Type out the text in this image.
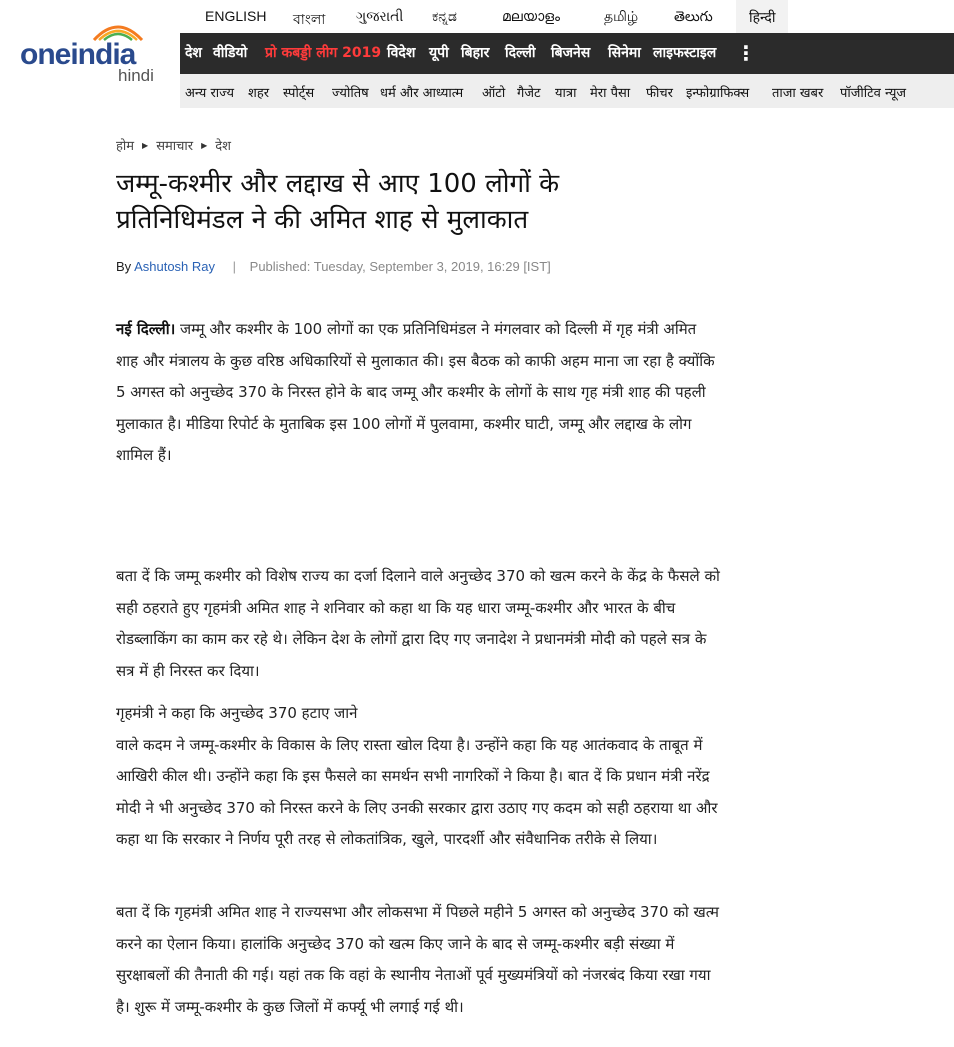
oneindia
hindi
ENGLISH বাংলা ગુજરાતી ಕನ್ನಡ	മലയാളം	தமிழ்	తెలుగు	हिन्दी
देश वीडियो प्रो कबड्डी लीग 2019 विदेश यूपी बिहार दिल्ली बिजनेस सिनेमा लाइफस्टाइल ⋮
अन्य राज्य शहर स्पोर्ट्स ज्योतिष धर्म और आध्यात्म ऑटो गैजेट यात्रा मेरा पैसा फीचर इन्फोग्राफिक्स ताजा खबर पॉजीटिव न्यूज
होम ▶ समाचार ▶ देश
जम्मू-कश्मीर और लद्दाख से आए 100 लोगों के प्रतिनिधिमंडल ने की अमित शाह से मुलाकात
By Ashutosh Ray | Published: Tuesday, September 3, 2019, 16:29 [IST]

नई दिल्ली। जम्मू और कश्मीर के 100 लोगों का एक प्रतिनिधिमंडल ने मंगलवार को दिल्ली में गृह मंत्री अमित शाह और मंत्रालय के कुछ वरिष्ठ अधिकारियों से मुलाकात की। इस बैठक को काफी अहम माना जा रहा है क्योंकि 5 अगस्त को अनुच्छेद 370 के निरस्त होने के बाद जम्मू और कश्मीर के लोगों के साथ गृह मंत्री शाह की पहली मुलाकात है। मीडिया रिपोर्ट के मुताबिक इस 100 लोगों में पुलवामा, कश्मीर घाटी, जम्मू और लद्दाख के लोग शामिल हैं।

बता दें कि जम्मू कश्मीर को विशेष राज्य का दर्जा दिलाने वाले अनुच्छेद 370 को खत्म करने के केंद्र के फैसले को सही ठहराते हुए गृहमंत्री अमित शाह ने शनिवार को कहा था कि यह धारा जम्मू-कश्मीर और भारत के बीच रोडब्लाकिंग का काम कर रहे थे। लेकिन देश के लोगों द्वारा दिए गए जनादेश ने प्रधानमंत्री मोदी को पहले सत्र के सत्र में ही निरस्त कर दिया।

गृहमंत्री ने कहा कि अनुच्छेद 370 हटाए जाने
वाले कदम ने जम्मू-कश्मीर के विकास के लिए रास्ता खोल दिया है। उन्होंने कहा कि यह आतंकवाद के ताबूत में आखिरी कील थी। उन्होंने कहा कि इस फैसले का समर्थन सभी नागरिकों ने किया है। बात दें कि प्रधान मंत्री नरेंद्र मोदी ने भी अनुच्छेद 370 को निरस्त करने के लिए उनकी सरकार द्वारा उठाए गए कदम को सही ठहराया था और कहा था कि सरकार ने निर्णय पूरी तरह से लोकतांत्रिक, खुले, पारदर्शी और संवैधानिक तरीके से लिया।

बता दें कि गृहमंत्री अमित शाह ने राज्यसभा और लोकसभा में पिछले महीने 5 अगस्त को अनुच्छेद 370 को खत्म करने का ऐलान किया। हालांकि अनुच्छेद 370 को खत्म किए जाने के बाद से जम्मू-कश्मीर बड़ी संख्या में सुरक्षाबलों की तैनाती की गई। यहां तक कि वहां के स्थानीय नेताओं पूर्व मुख्यमंत्रियों को नंजरबंद किया रखा गया है। शुरू में जम्मू-कश्मीर के कुछ जिलों में कर्फ्यू भी लगाई गई थी।
